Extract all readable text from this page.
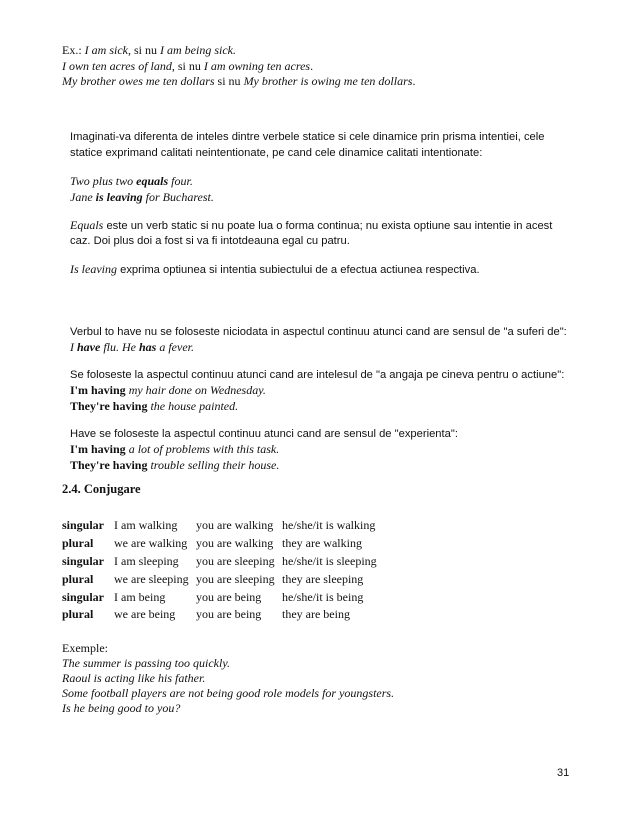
Ex.: I am sick, si nu I am being sick.
I own ten acres of land, si nu I am owning ten acres.
My brother owes me ten dollars si nu My brother is owing me ten dollars.
Imaginati-va diferenta de inteles dintre verbele statice si cele dinamice prin prisma intentiei, cele
statice exprimand calitati neintentionate, pe cand cele dinamice calitati intentionate:
Two plus two equals four.
Jane is leaving for Bucharest.
Equals este un verb static si nu poate lua o forma continua; nu exista optiune sau intentie in acest
caz. Doi plus doi a fost si va fi intotdeauna egal cu patru.
Is leaving exprima optiunea si intentia subiectului de a efectua actiunea respectiva.
Verbul to have nu se foloseste niciodata in aspectul continuu atunci cand are sensul de "a suferi de":
I have flu. He has a fever.
Se foloseste la aspectul continuu atunci cand are intelesul de "a angaja pe cineva pentru o actiune":
I'm having my hair done on Wednesday.
They're having the house painted.
Have se foloseste la aspectul continuu atunci cand are sensul de "experienta":
I'm having a lot of problems with this task.
They're having trouble selling their house.
2.4. Conjugare
singular	I am walking	you are walking	he/she/it is walking
plural	we are walking	you are walking	they are walking
singular	I am sleeping	you are sleeping	he/she/it is sleeping
plural	we are sleeping	you are sleeping	they are sleeping
singular	I am being	you are being	he/she/it is being
plural	we are being	you are being	they are being
Exemple:
The summer is passing too quickly.
Raoul is acting like his father.
Some football players are not being good role models for youngsters.
Is he being good to you?
31
